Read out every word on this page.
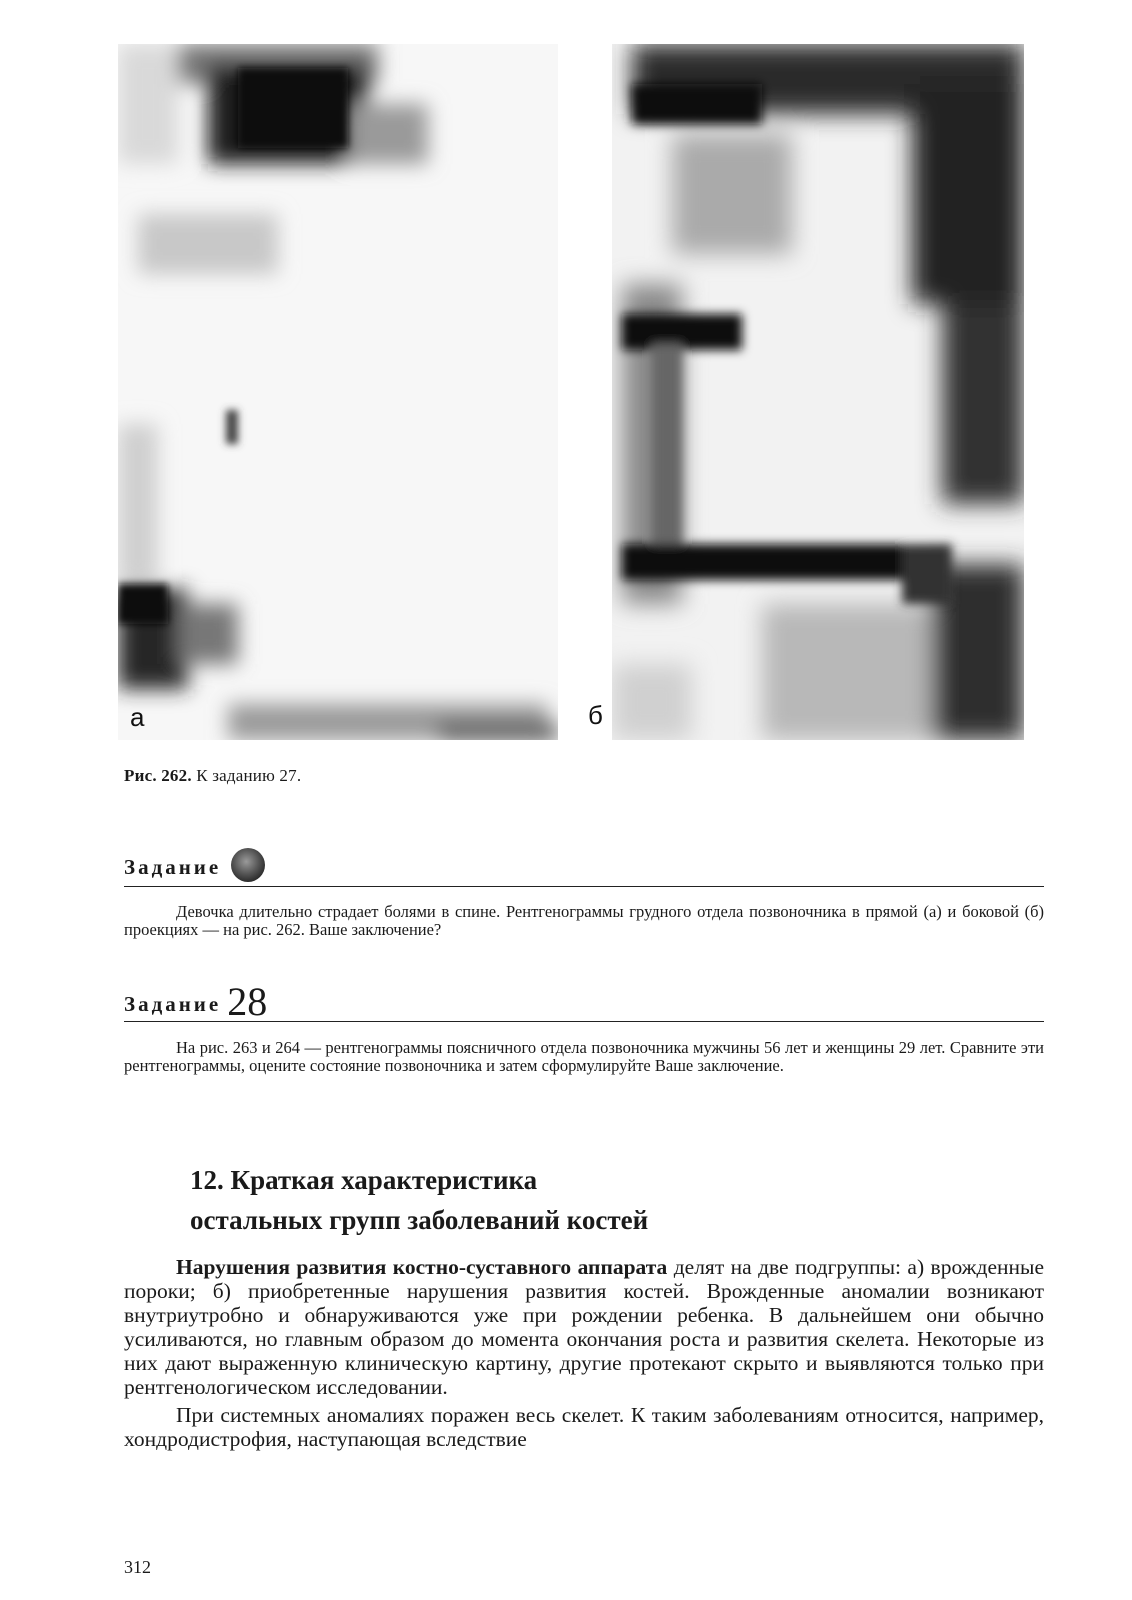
а	б
Рис. 262. К заданию 27.
Задание
Девочка длительно страдает болями в спине. Рентгенограммы грудного отдела позвоночника в прямой (а) и боковой (б) проекциях — на рис. 262. Ваше заключение?
Задание 28
На рис. 263 и 264 — рентгенограммы поясничного отдела позвоночника мужчины 56 лет и женщины 29 лет. Сравните эти рентгенограммы, оцените состояние позвоночника и затем сформулируйте Ваше заключение.
12. Краткая характеристика
остальных групп заболеваний костей

Нарушения развития костно-суставного аппарата делят на две подгруппы: а) врожденные пороки; б) приобретенные нарушения развития костей. Врожденные аномалии возникают внутриутробно и обнаруживаются уже при рождении ребенка. В дальнейшем они обычно усиливаются, но главным образом до момента окончания роста и развития скелета. Некоторые из них дают выраженную клиническую картину, другие протекают скрыто и выявляются только при рентгенологическом исследовании.

При системных аномалиях поражен весь скелет. К таким заболеваниям относится, например, хондродистрофия, наступающая вследствие

312
